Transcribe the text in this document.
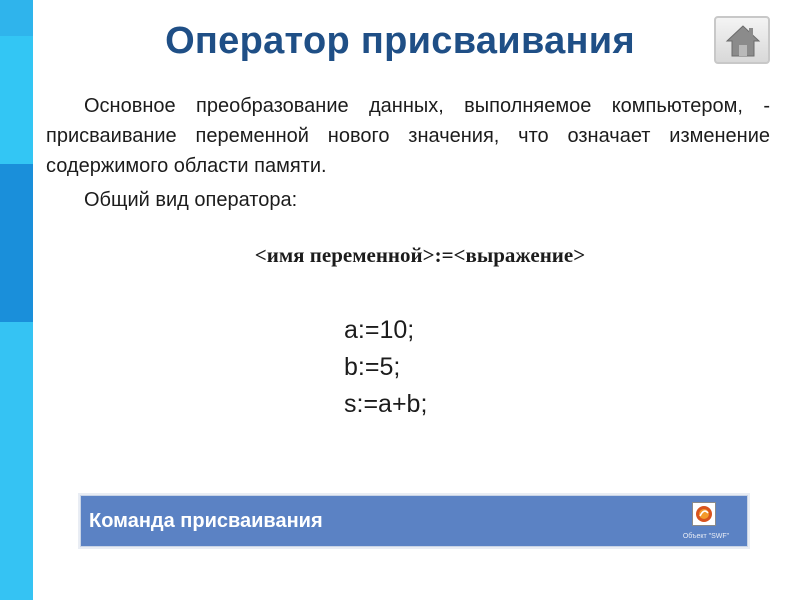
Оператор присваивания
Основное преобразование данных, выполняемое компьютером, - присваивание переменной нового значения, что означает изменение содержимого области памяти.
Общий вид оператора:
<имя переменной>:=<выражение>
a:=10;
b:=5;
s:=a+b;
Команда присваивания
Объект "SWF"
